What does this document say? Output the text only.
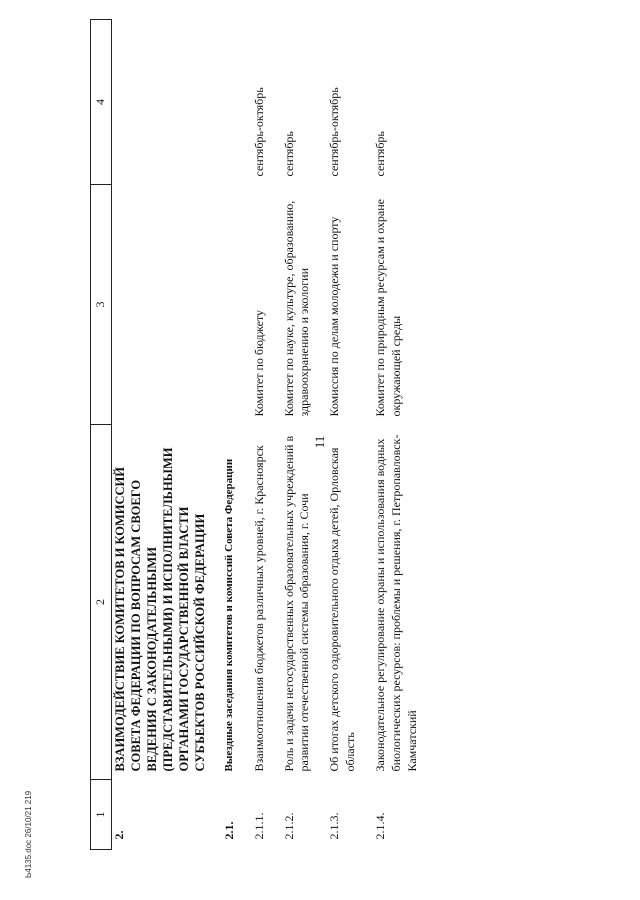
11
1	2	3	4
2.	ВЗАИМОДЕЙСТВИЕ КОМИТЕТОВ И КОМИССИЙ СОВЕТА ФЕДЕРАЦИИ ПО ВОПРОСАМ СВОЕГО ВЕДЕНИЯ С ЗАКОНОДАТЕЛЬНЫМИ (ПРЕДСТАВИТЕЛЬНЫМИ) И ИСПОЛНИТЕЛЬНЫМИ ОРГАНАМИ ГОСУДАРСТВЕННОЙ ВЛАСТИ СУБЪЕКТОВ РОССИЙСКОЙ ФЕДЕРАЦИИ		
2.1.	Выездные заседания комитетов и комиссий Совета Федерации		
2.1.1.	Взаимоотношения бюджетов различных уровней, г. Красноярск	Комитет по бюджету	сентябрь-октябрь
2.1.2.	Роль и задачи негосударственных образовательных учреждений в развитии отечественной системы образования, г. Сочи	Комитет по науке, культуре, образованию, здравоохранению и экологии	сентябрь
2.1.3.	Об итогах детского оздоровительного отдыха детей, Орловская область	Комиссия по делам молодежи и спорту	сентябрь-октябрь
2.1.4.	Законодательное регулирование охраны и использования водных биологических ресурсов: проблемы и решения, г. Петропавловск-Камчатский	Комитет по природным ресурсам и охране окружающей среды	сентябрь
Ь4135.doc 26/10/21 219
